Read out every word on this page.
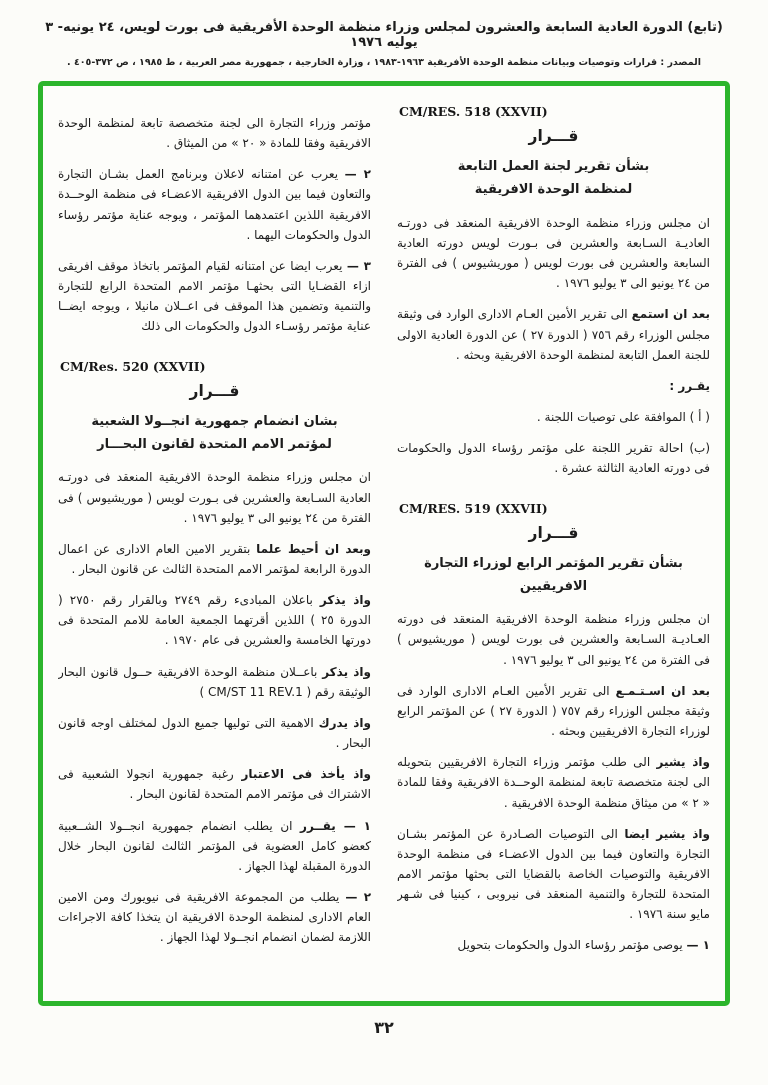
(تابع) الدورة العادية السابعة والعشرون لمجلس وزراء منظمة الوحدة الأفريقية فى بورت لويس، ٢٤ يونيه- ٣ يوليه ١٩٧٦
المصدر : قرارات وتوصيات وبيانات منظمة الوحدة الأفريقية ١٩٦٣-١٩٨٣ ، وزارة الخارجية ، جمهورية مصر العربية ، ط ١٩٨٥ ، ص ٣٧٢-٤٠٥ .
CM/RES. 518 (XXVII)
قـــرار
بشأن تقرير لجنة العمل التابعة
لمنظمة الوحدة الافريقية

ان مجلس وزراء منظمة الوحدة الافريقية المنعقد فى دورتـه العاديـة السـابعة والعشرين فى بـورت لويس دورته العادية السابعة والعشرين فى بورت لويس ( موريشيوس ) فى الفترة من ٢٤ يونيو الى ٣ يوليو ١٩٧٦ .

بعد ان استمع الى تقرير الأمين العـام الادارى الوارد فى وثيقة مجلس الوزراء رقم ٧٥٦ ( الدورة ٢٧ ) عن الدورة العادية الاولى للجنة العمل التابعة لمنظمة الوحدة الافريقية وبحثه .

يقـرر :

( أ ) الموافقة على توصيات اللجنة .

(ب) احالة تقرير اللجنة على مؤتمر رؤساء الدول والحكومات فى دورته العادية الثالثة عشرة .

CM/RES. 519 (XXVII)
قـــرار
بشأن تقرير المؤتمر الرابع لوزراء التجارة الافريقيين

ان مجلس وزراء منظمة الوحدة الافريقية المنعقد فى دورته العـاديـة السـابعة والعشرين فى بورت لويس ( موريشيوس ) فى الفترة من ٢٤ يونيو الى ٣ يوليو ١٩٧٦ .

بعد ان اسـتـمـع الى تقرير الأمين العـام الادارى الوارد فى وثيقة مجلس الوزراء رقم ٧٥٧ ( الدورة ٢٧ ) عن المؤتمر الرابع لوزراء التجارة الافريقيين وبحثه .

واذ يشير الى طلب مؤتمر وزراء التجارة الافريقيين بتحويله الى لجنة متخصصة تابعة لمنظمة الوحــدة الافريقية وفقا للمادة « ٢ » من ميثاق منظمة الوحدة الافريقية .

واذ يشير ايضا الى التوصيات الصـادرة عن المؤتمر بشـان التجارة والتعاون فيما بين الدول الاعضـاء فى منظمة الوحدة الافريقية والتوصيات الخاصة بالقضايا التى بحثها مؤتمر الامم المتحدة للتجارة والتنمية المنعقد فى نيروبى ، كينيا فى شـهر مايو سنة ١٩٧٦ .

١ — يوصى مؤتمر رؤساء الدول والحكومات بتحويل

مؤتمر وزراء التجارة الى لجنة متخصصة تابعة لمنظمة الوحدة الافريقية وفقا للمادة « ٢٠ » من الميثاق .

٢ — يعرب عن امتنانه لاعلان وبرنامج العمل بشـان التجارة والتعاون فيما بين الدول الافريقية الاعضـاء فى منظمة الوحــدة الافريقية اللذين اعتمدهما المؤتمر ، ويوجه عناية مؤتمر رؤساء الدول والحكومات اليهما .

٣ — يعرب ايضا عن امتنانه لقيام المؤتمر باتخاذ موقف افريقى ازاء القضـايا التى بحثهـا مؤتمر الامم المتحدة الرابع للتجارة والتنمية وتضمين هذا الموقف فى اعــلان مانيلا ، ويوجه ايضــا عناية مؤتمر رؤسـاء الدول والحكومات الى ذلك

CM/Res. 520 (XXVII)
قـــرار
بشان انضمام جمهورية انجــولا الشعبية
لمؤتمر الامم المتحدة لقانون البحـــار

ان مجلس وزراء منظمة الوحدة الافريقية المنعقد فى دورتـه العادية السـابعة والعشرين فى بـورت لويس ( موريشيوس ) فى الفترة من ٢٤ يونيو الى ٣ يوليو ١٩٧٦ .

وبعد ان أحيط علما بتقرير الامين العام الادارى عن اعمال الدورة الرابعة لمؤتمر الامم المتحدة الثالث عن قانون البحار .

واذ يذكر باعلان المبادىء رقم ٢٧٤٩ وبالقرار رقم ٢٧٥٠ ( الدورة ٢٥ ) اللذين أقرتهما الجمعية العامة للامم المتحدة فى دورتها الخامسة والعشرين فى عام ١٩٧٠ .

واذ يذكر باعــلان منظمة الوحدة الافريقية حــول قانون البحار الوثيقة رقم ( CM/ST 11 REV.1 )

واذ يدرك الاهمية التى توليها جميع الدول لمختلف اوجه قانون البحار .

واذ يأخذ فى الاعتبار رغبة جمهورية انجولا الشعبية فى الاشتراك فى مؤتمر الامم المتحدة لقانون البحار .

١ — يقــرر ان يطلب انضمام جمهورية انجــولا الشــعبية كعضو كامل العضوية فى المؤتمر الثالث لقانون البحار خلال الدورة المقبلة لهذا الجهاز .

٢ — يطلب من المجموعة الافريقية فى نيويورك ومن الامين العام الادارى لمنظمة الوحدة الافريقية ان يتخذا كافة الاجراءات اللازمة لضمان انضمام انجــولا لهذا الجهاز .

٣٢
